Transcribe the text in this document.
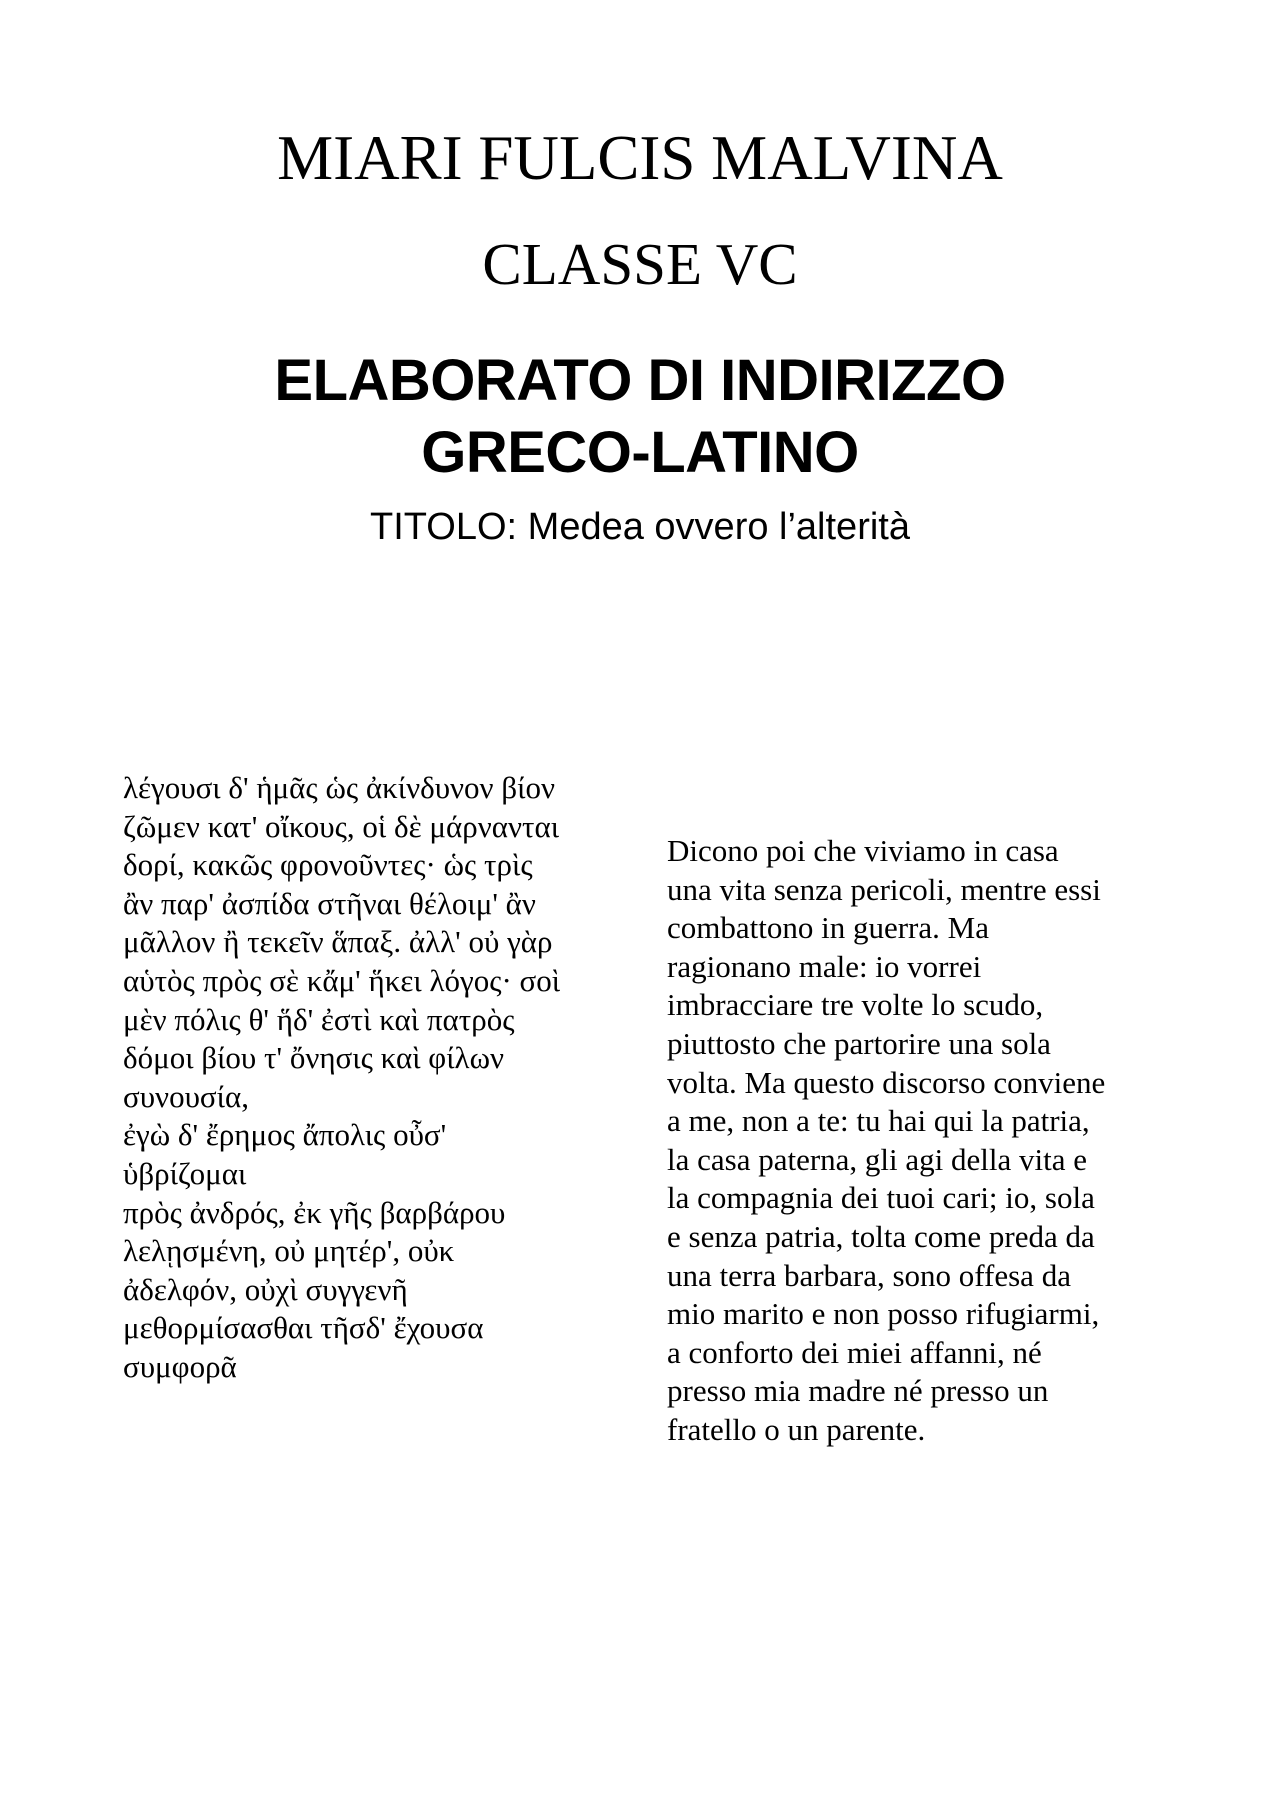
MIARI FULCIS MALVINA
CLASSE VC
ELABORATO DI INDIRIZZO
GRECO-LATINO

TITOLO: Medea ovvero l’alterità

λέγουσι δ' ἡμᾶς ὡς ἀκίνδυνον βίον
ζῶμεν κατ' οἴκους, οἱ δὲ μάρνανται
δορί, κακῶς φρονοῦντες· ὡς τρὶς
ἂν παρ' ἀσπίδα στῆναι θέλοιμ' ἂν
μᾶλλον ἢ τεκεῖν ἅπαξ. ἀλλ' οὐ γὰρ
αὑτὸς πρὸς σὲ κἄμ' ἥκει λόγος· σοὶ
μὲν πόλις θ' ἥδ' ἐστὶ καὶ πατρὸς
δόμοι βίου τ' ὄνησις καὶ φίλων
συνουσία,
ἐγὼ δ' ἔρημος ἄπολις οὖσ'
ὑβρίζομαι
πρὸς ἀνδρός, ἐκ γῆς βαρβάρου
λελῃσμένη, οὐ μητέρ', οὐκ
ἀδελφόν, οὐχὶ συγγενῆ
μεθορμίσασθαι τῆσδ' ἔχουσα
συμφορᾶ
Dicono poi che viviamo in casa
una vita senza pericoli, mentre essi
combattono in guerra. Ma
ragionano male: io vorrei
imbracciare tre volte lo scudo,
piuttosto che partorire una sola
volta. Ma questo discorso conviene
a me, non a te: tu hai qui la patria,
la casa paterna, gli agi della vita e
la compagnia dei tuoi cari; io, sola
e senza patria, tolta come preda da
una terra barbara, sono offesa da
mio marito e non posso rifugiarmi,
a conforto dei miei affanni, né
presso mia madre né presso un
fratello o un parente.
